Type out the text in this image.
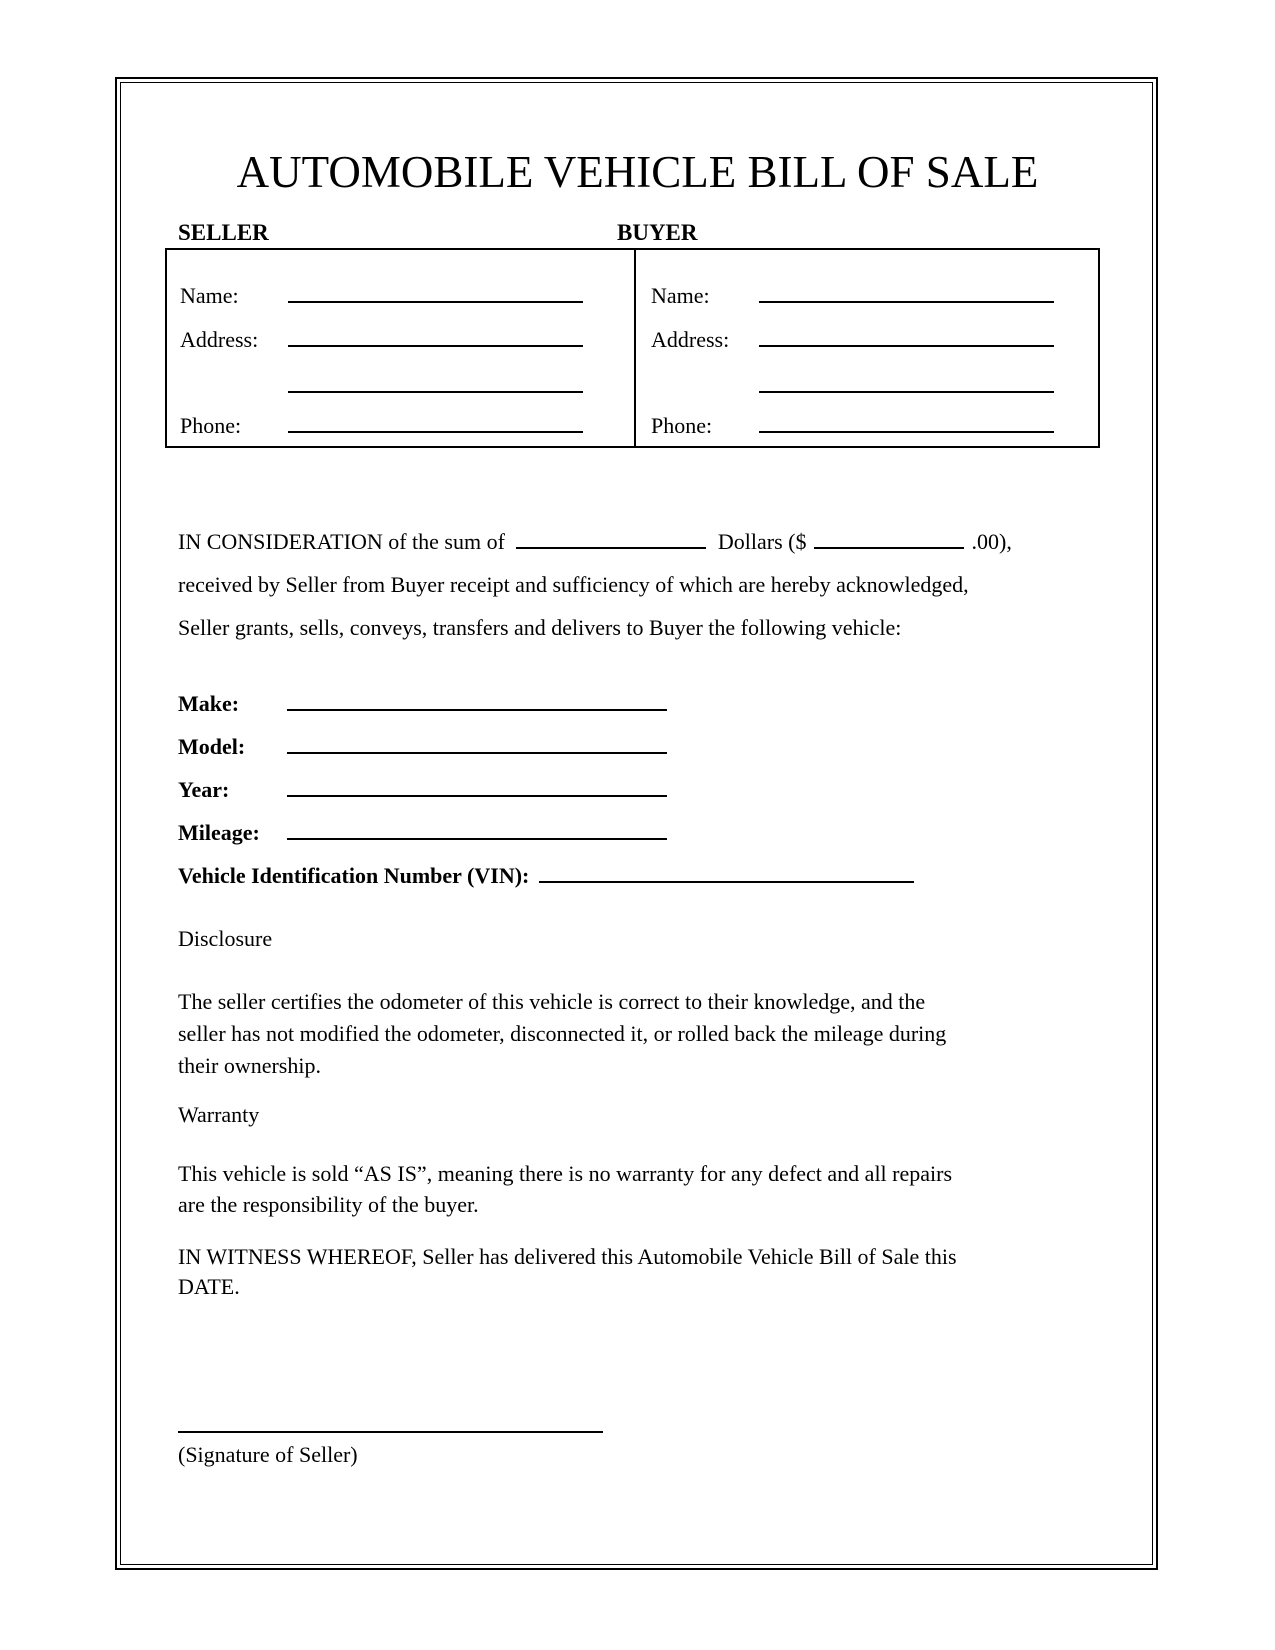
AUTOMOBILE VEHICLE BILL OF SALE
SELLER	BUYER
Name:
Address:
Phone:
Name:
Address:
Phone:
IN CONSIDERATION of the sum of	Dollars ($	.00),
received by Seller from Buyer receipt and sufficiency of which are hereby acknowledged,
Seller grants, sells, conveys, transfers and delivers to Buyer the following vehicle:
Make:
Model:
Year:
Mileage:
Vehicle Identification Number (VIN):
Disclosure
The seller certifies the odometer of this vehicle is correct to their knowledge, and the
seller has not modified the odometer, disconnected it, or rolled back the mileage during
their ownership.
Warranty
This vehicle is sold “AS IS”, meaning there is no warranty for any defect and all repairs
are the responsibility of the buyer.
IN WITNESS WHEREOF, Seller has delivered this Automobile Vehicle Bill of Sale this
DATE.
(Signature of Seller)
